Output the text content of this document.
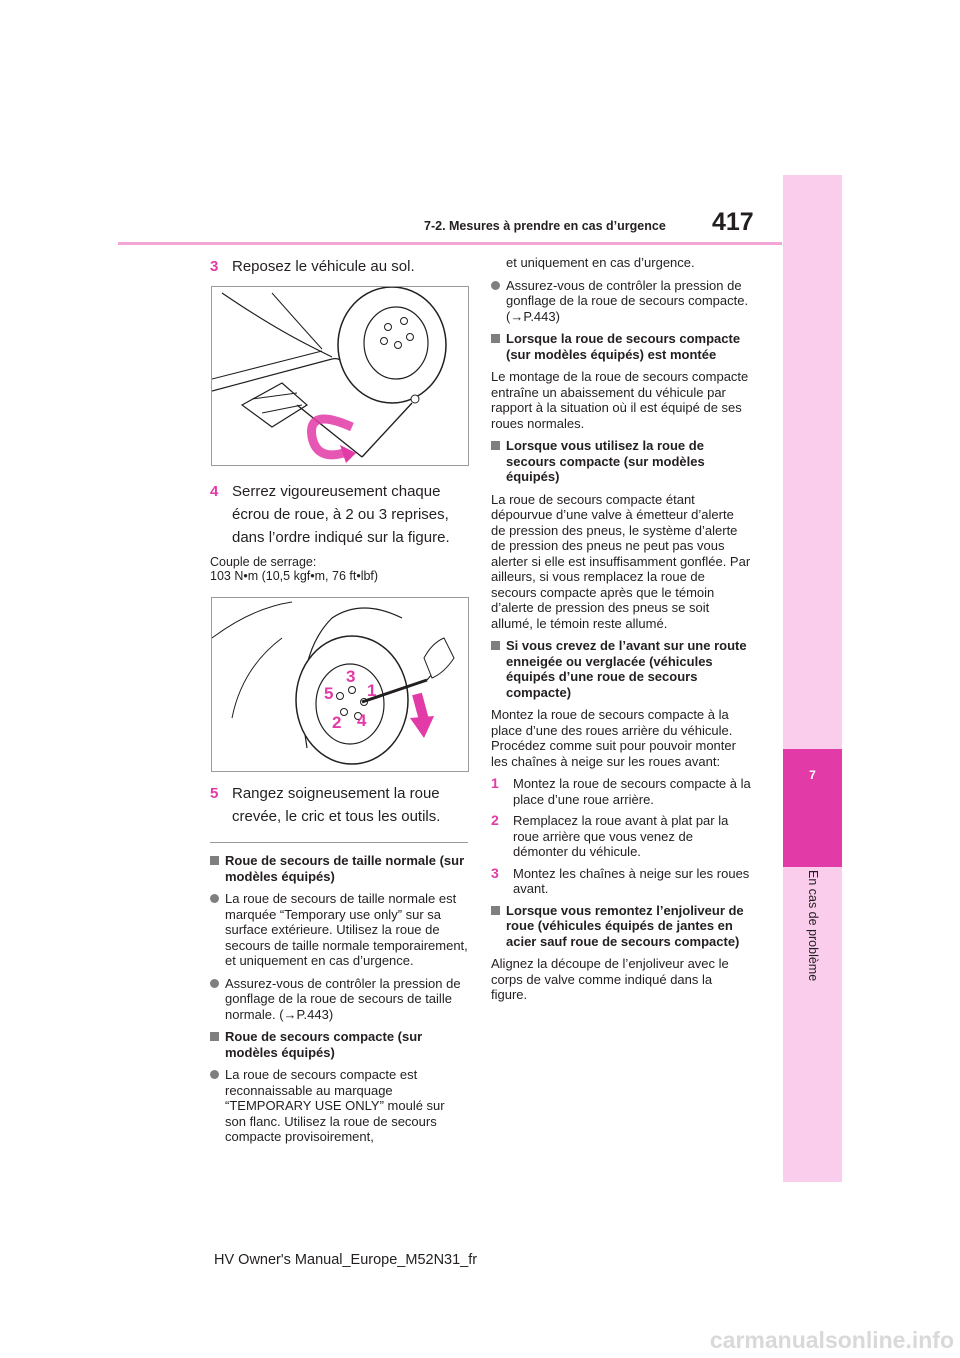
417
7-2. Mesures à prendre en cas d’urgence
7
En cas de problème
3 Reposez le véhicule au sol.
4 Serrez vigoureusement chaque écrou de roue, à 2 ou 3 reprises, dans l’ordre indiqué sur la figure.
Couple de serrage:
103 N•m (10,5 kgf•m, 76 ft•lbf)
3
1
5
2 4
5 Rangez soigneusement la roue crevée, le cric et tous les outils.
Roue de secours de taille normale (sur modèles équipés)
La roue de secours de taille normale est marquée “Temporary use only” sur sa surface extérieure. Utilisez la roue de secours de taille normale temporairement, et uniquement en cas d’urgence.
Assurez-vous de contrôler la pression de gonflage de la roue de secours de taille normale. (→P.443)
Roue de secours compacte (sur modèles équipés)
La roue de secours compacte est reconnaissable au marquage “TEMPORARY USE ONLY” moulé sur son flanc. Utilisez la roue de secours compacte provisoirement,
et uniquement en cas d’urgence.
Assurez-vous de contrôler la pression de gonflage de la roue de secours compacte. (→P.443)
Lorsque la roue de secours compacte (sur modèles équipés) est montée
Le montage de la roue de secours compacte entraîne un abaissement du véhicule par rapport à la situation où il est équipé de ses roues normales.
Lorsque vous utilisez la roue de secours compacte (sur modèles équipés)
La roue de secours compacte étant dépourvue d’une valve à émetteur d’alerte de pression des pneus, le système d’alerte de pression des pneus ne peut pas vous alerter si elle est insuffisamment gonflée. Par ailleurs, si vous remplacez la roue de secours compacte après que le témoin d’alerte de pression des pneus se soit allumé, le témoin reste allumé.
Si vous crevez de l’avant sur une route enneigée ou verglacée (véhicules équipés d’une roue de secours compacte)
Montez la roue de secours compacte à la place d’une des roues arrière du véhicule. Procédez comme suit pour pouvoir monter les chaînes à neige sur les roues avant:
1	Montez la roue de secours compacte à la place d’une roue arrière.
2	Remplacez la roue avant à plat par la roue arrière que vous venez de démonter du véhicule.
3	Montez les chaînes à neige sur les roues avant.
Lorsque vous remontez l’enjoliveur de roue (véhicules équipés de jantes en acier sauf roue de secours compacte)
Alignez la découpe de l’enjoliveur avec le corps de valve comme indiqué dans la figure.
HV Owner's Manual_Europe_M52N31_fr
carmanualsonline.info
